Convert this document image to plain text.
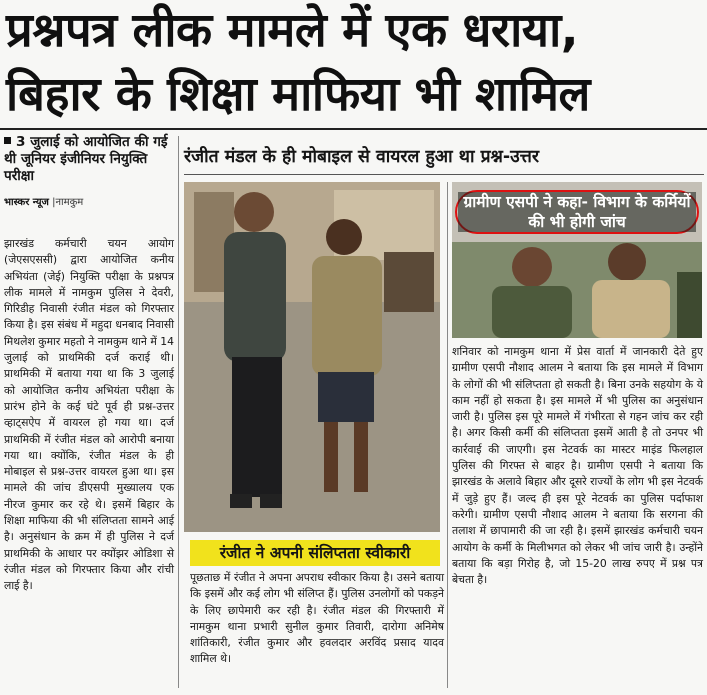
प्रश्नपत्र लीक मामले में एक धराया,
बिहार के शिक्षा माफिया भी शामिल
3 जुलाई को आयोजित की गई थी जूनियर इंजीनियर नियुक्ति परीक्षा
भास्कर न्यूज |नामकुम
झारखंड कर्मचारी चयन आयोग (जेएसएससी) द्वारा आयोजित कनीय अभियंता (जेई) नियुक्ति परीक्षा के प्रश्नपत्र लीक मामले में नामकुम पुलिस ने देवरी, गिरिडीह निवासी रंजीत मंडल को गिरफ्तार किया है। इस संबंध में महुदा धनबाद निवासी मिथलेश कुमार महतो ने नामकुम थाने में 14 जुलाई को प्राथमिकी दर्ज कराई थी। प्राथमिकी में बताया गया था कि 3 जुलाई को आयोजित कनीय अभियंता परीक्षा के प्रारंभ होने के कई घंटे पूर्व ही प्रश्न-उत्तर व्हाट्सऐप में वायरल हो गया था। दर्ज प्राथमिकी में रंजीत मंडल को आरोपी बनाया गया था। क्योंकि, रंजीत मंडल के ही मोबाइल से प्रश्न-उत्तर वायरल हुआ था। इस मामले की जांच डीएसपी मुख्यालय एक नीरज कुमार कर रहे थे। इसमें बिहार के शिक्षा माफिया की भी संलिप्तता सामने आई है। अनुसंधान के क्रम में ही पुलिस ने दर्ज प्राथमिकी के आधार पर क्योंझर ओडिशा से रंजीत मंडल को गिरफ्तार किया और रांची लाई है।
रंजीत मंडल के ही मोबाइल से वायरल हुआ था प्रश्न-उत्तर
ग्रामीण एसपी ने कहा- विभाग के कर्मियों की भी होगी जांच
रंजीत ने अपनी संलिप्तता स्वीकारी
पूछताछ में रंजीत ने अपना अपराध स्वीकार किया है। उसने बताया कि इसमें और कई लोग भी संलिप्त हैं। पुलिस उनलोगों को पकड़ने के लिए छापेमारी कर रही है। रंजीत मंडल की गिरफ्तारी में नामकुम थाना प्रभारी सुनील कुमार तिवारी, दारोगा अनिमेष शांतिकारी, रंजीत कुमार और हवलदार अरविंद प्रसाद यादव शामिल थे।
शनिवार को नामकुम थाना में प्रेस वार्ता में जानकारी देते हुए ग्रामीण एसपी नौशाद आलम ने बताया कि इस मामले में विभाग के लोगों की भी संलिप्तता हो सकती है। बिना उनके सहयोग के ये काम नहीं हो सकता है। इस मामले में भी पुलिस का अनुसंधान जारी है। पुलिस इस पूरे मामले में गंभीरता से गहन जांच कर रही है। अगर किसी कर्मी की संलिप्तता इसमें आती है तो उनपर भी कार्रवाई की जाएगी। इस नेटवर्क का मास्टर माइंड फिलहाल पुलिस की गिरफ्त से बाहर है। ग्रामीण एसपी ने बताया कि झारखंड के अलावे बिहार और दूसरे राज्यों के लोग भी इस नेटवर्क में जुड़े हुए हैं। जल्द ही इस पूरे नेटवर्क का पुलिस पर्दाफाश करेगी। ग्रामीण एसपी नौशाद आलम ने बताया कि सरगना की तलाश में छापामारी की जा रही है। इसमें झारखंड कर्मचारी चयन आयोग के कर्मी के मिलीभगत को लेकर भी जांच जारी है। उन्होंने बताया कि बड़ा गिरोह है, जो 15-20 लाख रुपए में प्रश्न पत्र बेचता है।
